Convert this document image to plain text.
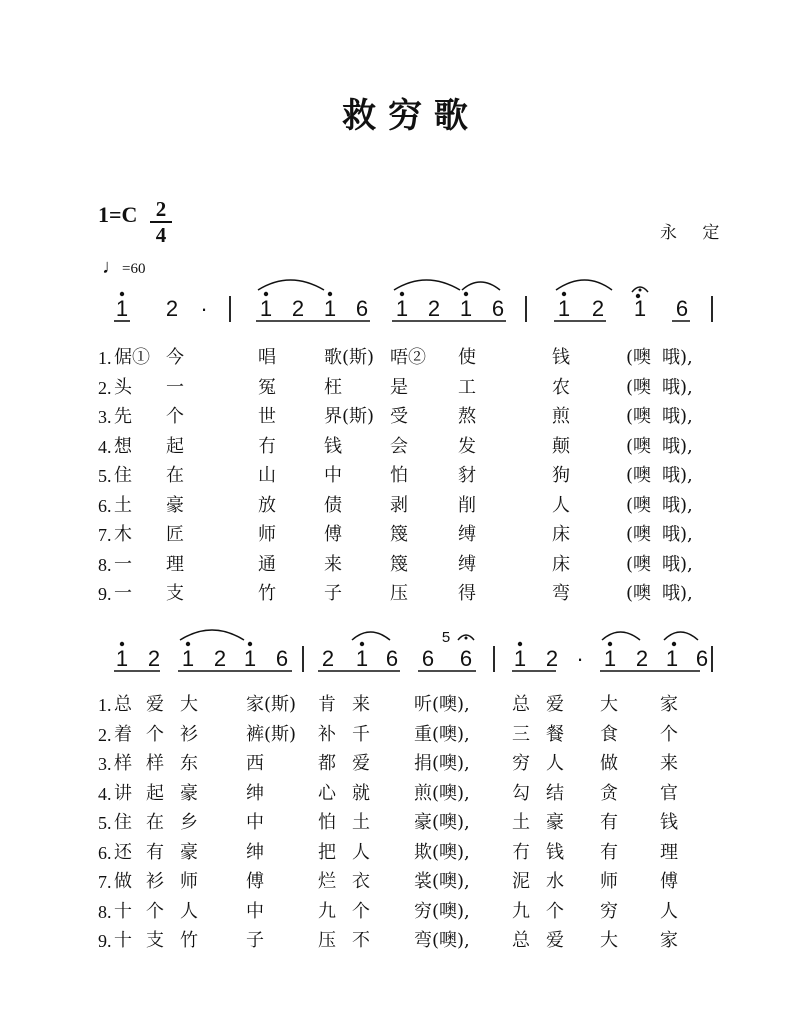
救 穷 歌
1=C 2
4	永 定
♩=60
1 2 · 1 2 1 6 1 2 1 6 1 2 1 6
1 2 1 2 1 6 2 1 6 6
5
6 1 2 · 1 2 1 6
1. 倨① 今	唱	歌(斯) 唔② 使	钱	(噢 哦),
2. 头 一	冤	枉	是	工	农	(噢 哦),
3. 先 个	世	界(斯) 受	熬	煎	(噢 哦),
4. 想 起	冇	钱	会	发	颠	(噢 哦),
5. 住 在	山	中	怕	豺	狗	(噢 哦),
6. 土 豪	放	债	剥	削	人	(噢 哦),
7. 木 匠	师	傅	篾	缚	床	(噢 哦),
8. 一 理	通	来	篾	缚	床	(噢 哦),
9. 一 支	竹	子	压	得	弯	(噢 哦),
1. 总 爱 大	家(斯) 肯 来 听(噢), 总 爱 大 家
2. 着 个 衫	裤(斯) 补 千 重(噢), 三 餐 食 个
3. 样 样 东	西	都 爱 捐(噢), 穷 人 做 来
4. 讲 起 豪	绅	心 就 煎(噢), 勾 结 贪 官
5. 住 在 乡	中	怕 土 豪(噢), 土 豪 有 钱
6. 还 有 豪	绅	把 人 欺(噢), 冇 钱 有 理
7. 做 衫 师	傅	烂 衣 裳(噢), 泥 水 师 傅
8. 十 个 人	中	九 个 穷(噢), 九 个 穷 人
9. 十 支 竹	子	压 不 弯(噢), 总 爱 大 家
